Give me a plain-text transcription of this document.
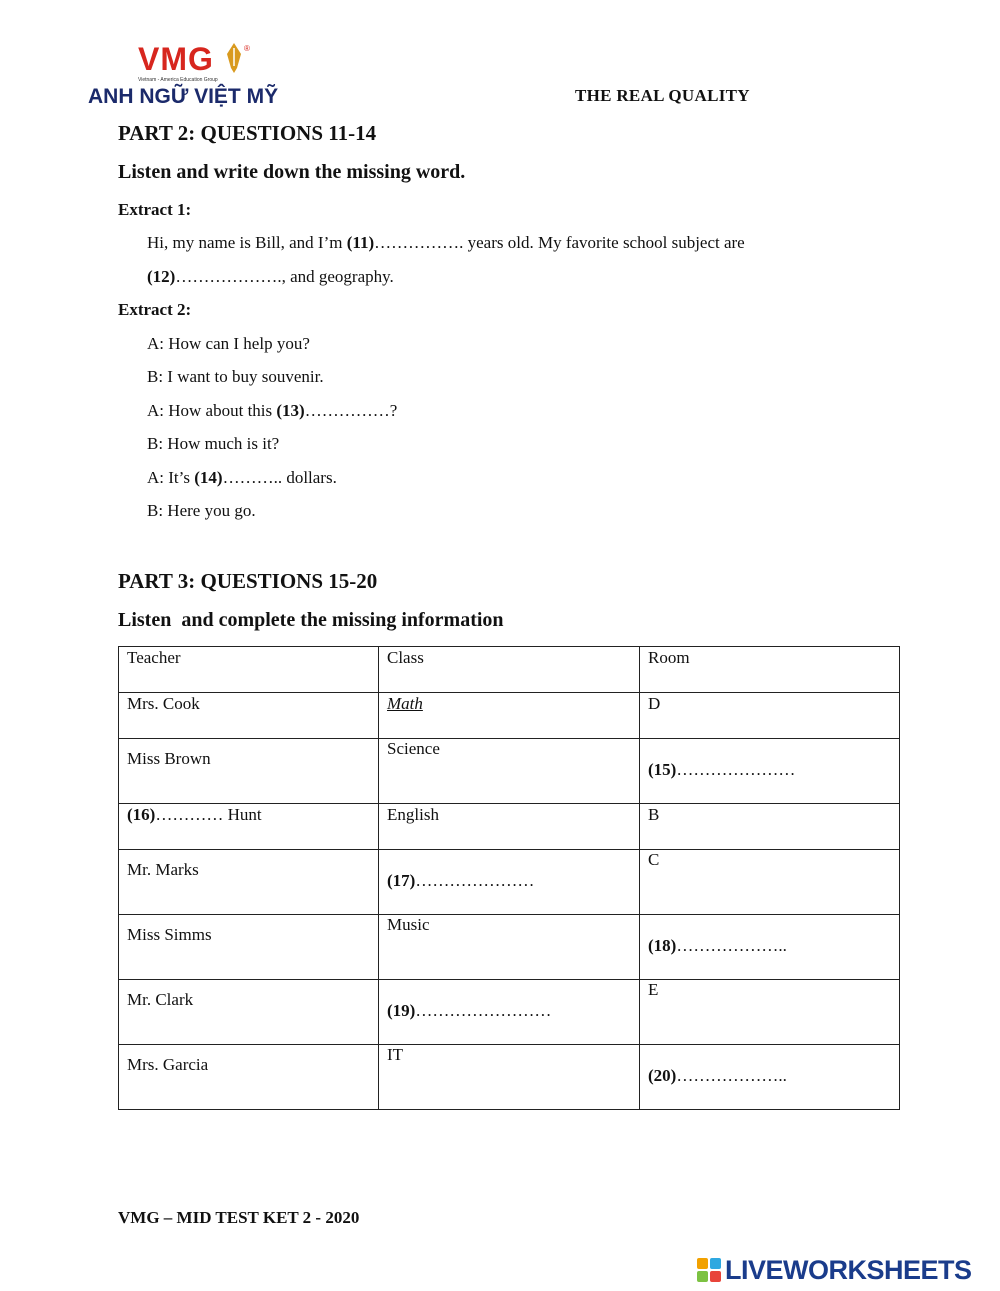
VMG	®
Vietnam - America Education Group
ANH NGỮ VIỆT MỸ	THE REAL QUALITY
PART 2: QUESTIONS 11-14
Listen and write down the missing word.
Extract 1:
Hi, my name is Bill, and I’m (11)……………. years old. My favorite school subject are
(12)………………., and geography.
Extract 2:
A: How can I help you?
B: I want to buy souvenir.
A: How about this (13)……………?
B: How much is it?
A: It’s (14)……….. dollars.
B: Here you go.
PART 3: QUESTIONS 15-20
Listen  and complete the missing information
Teacher	Class	Room

Mrs. Cook	Math	D

Miss Brown	Science	(15)…………………

(16)………… Hunt	English	B

Mr. Marks	(17)…………………	C

Miss Simms	Music	(18)………………..

Mr. Clark	(19)……………………	E

Mrs. Garcia	IT	(20)………………..
VMG – MID TEST KET 2 - 2020
LIVEWORKSHEETS
